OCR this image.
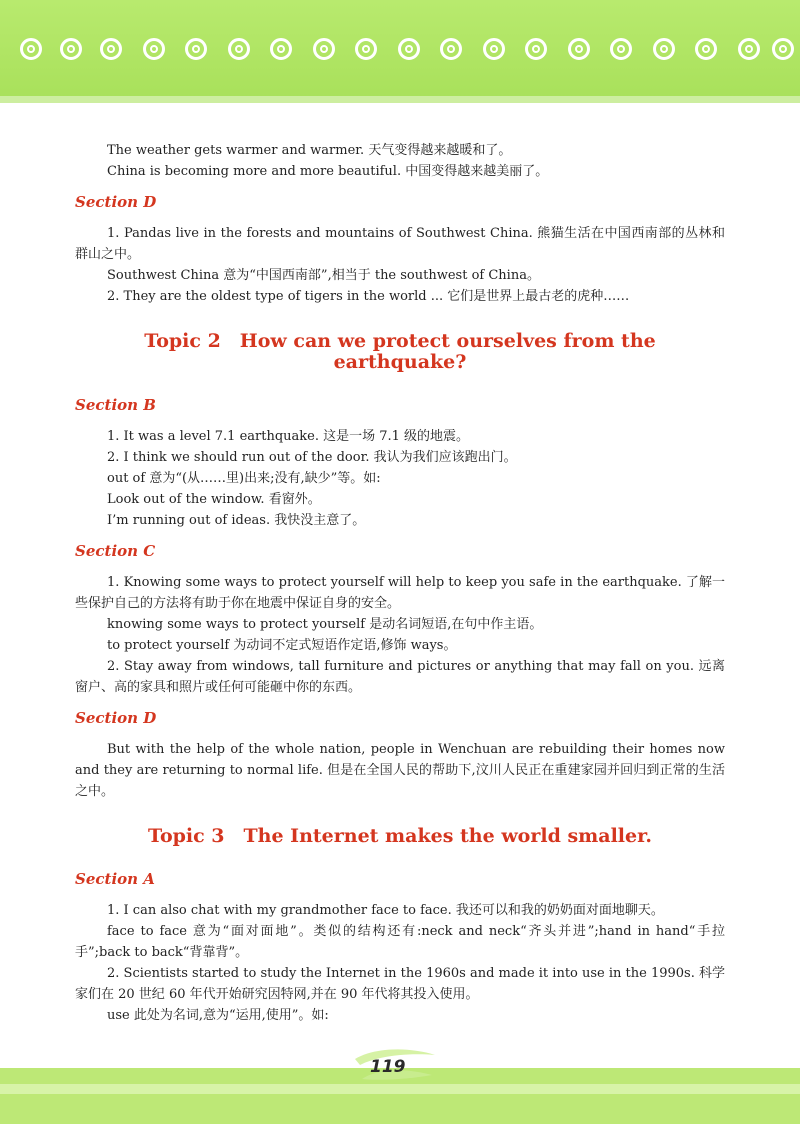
The weather gets warmer and warmer. 天气变得越来越暖和了。

China is becoming more and more beautiful. 中国变得越来越美丽了。

Section D

1. Pandas live in the forests and mountains of Southwest China. 熊猫生活在中国西南部的丛林和群山之中。

Southwest China 意为“中国西南部”,相当于 the southwest of China。

2. They are the oldest type of tigers in the world ... 它们是世界上最古老的虎种……

Topic 2　How can we protect ourselves from the earthquake?
Section B

1. It was a level 7.1 earthquake. 这是一场 7.1 级的地震。

2. I think we should run out of the door. 我认为我们应该跑出门。

out of 意为“(从……里)出来;没有,缺少”等。如:

Look out of the window. 看窗外。

I’m running out of ideas. 我快没主意了。

Section C

1. Knowing some ways to protect yourself will help to keep you safe in the earthquake. 了解一些保护自己的方法将有助于你在地震中保证自身的安全。

knowing some ways to protect yourself 是动名词短语,在句中作主语。

to protect yourself 为动词不定式短语作定语,修饰 ways。

2. Stay away from windows, tall furniture and pictures or anything that may fall on you. 远离窗户、高的家具和照片或任何可能砸中你的东西。

Section D

But with the help of the whole nation, people in Wenchuan are rebuilding their homes now and they are returning to normal life. 但是在全国人民的帮助下,汶川人民正在重建家园并回归到正常的生活之中。

Topic 3　The Internet makes the world smaller.
Section A

1. I can also chat with my grandmother face to face. 我还可以和我的奶奶面对面地聊天。

face to face 意为“面对面地”。类似的结构还有:neck and neck“齐头并进”;hand in hand“手拉手”;back to back“背靠背”。

2. Scientists started to study the Internet in the 1960s and made it into use in the 1990s. 科学家们在 20 世纪 60 年代开始研究因特网,并在 90 年代将其投入使用。

use 此处为名词,意为“运用,使用”。如:

119
